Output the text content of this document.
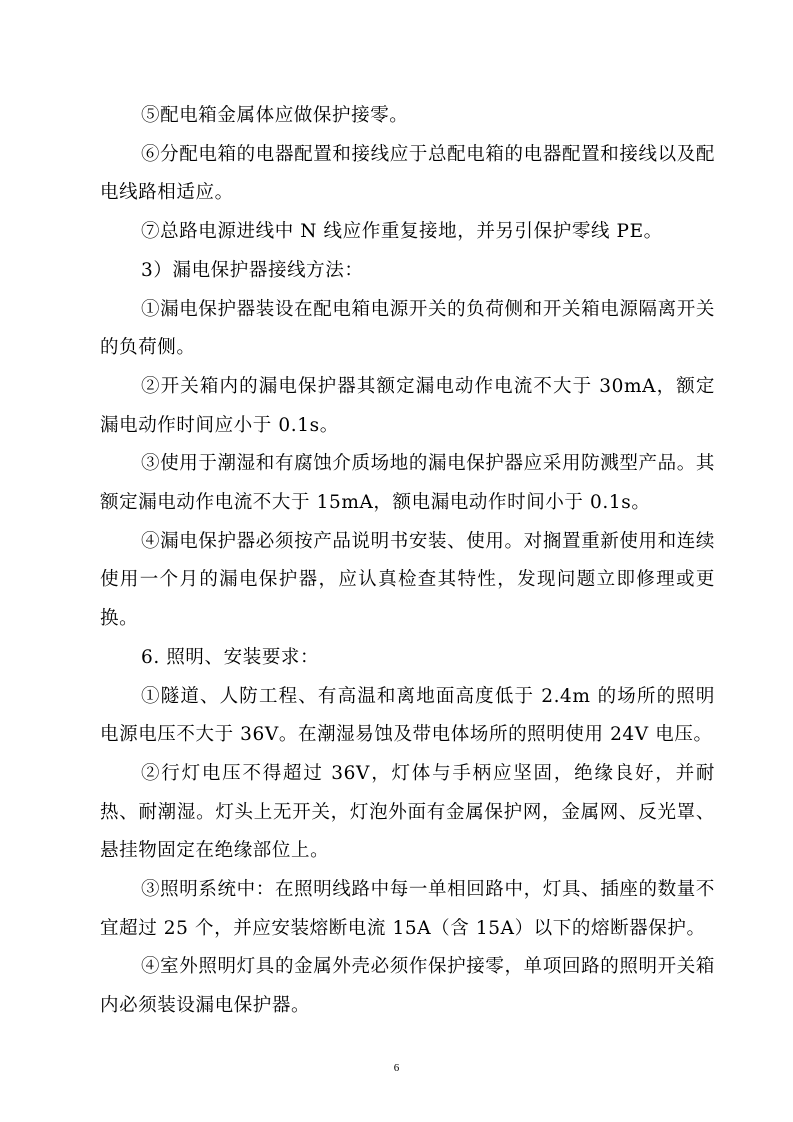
⑤配电箱金属体应做保护接零。

⑥分配电箱的电器配置和接线应于总配电箱的电器配置和接线以及配电线路相适应。

⑦总路电源进线中 N 线应作重复接地，并另引保护零线 PE。

3）漏电保护器接线方法：

①漏电保护器装设在配电箱电源开关的负荷侧和开关箱电源隔离开关的负荷侧。

②开关箱内的漏电保护器其额定漏电动作电流不大于 30mA，额定漏电动作时间应小于 0.1s。

③使用于潮湿和有腐蚀介质场地的漏电保护器应采用防溅型产品。其额定漏电动作电流不大于 15mA，额电漏电动作时间小于 0.1s。

④漏电保护器必须按产品说明书安装、使用。对搁置重新使用和连续使用一个月的漏电保护器，应认真检查其特性，发现问题立即修理或更换。

6. 照明、安装要求：

①隧道、人防工程、有高温和离地面高度低于 2.4m 的场所的照明电源电压不大于 36V。在潮湿易蚀及带电体场所的照明使用 24V 电压。

②行灯电压不得超过 36V，灯体与手柄应坚固，绝缘良好，并耐热、耐潮湿。灯头上无开关，灯泡外面有金属保护网，金属网、反光罩、悬挂物固定在绝缘部位上。

③照明系统中：在照明线路中每一单相回路中，灯具、插座的数量不宜超过 25 个，并应安装熔断电流 15A（含 15A）以下的熔断器保护。

④室外照明灯具的金属外壳必须作保护接零，单项回路的照明开关箱内必须装设漏电保护器。

6
